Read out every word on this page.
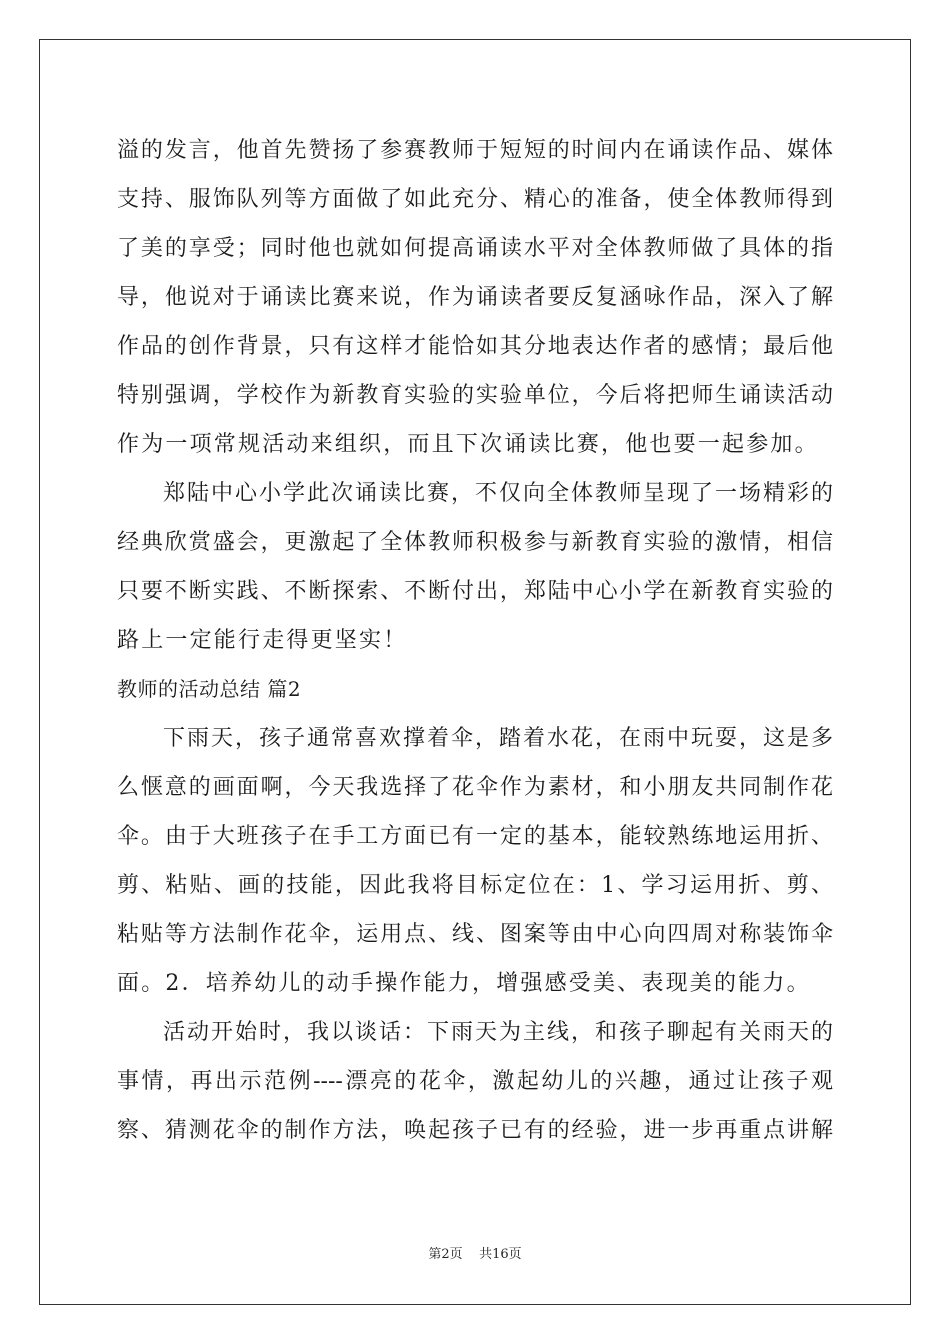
溢的发言，他首先赞扬了参赛教师于短短的时间内在诵读作品、媒体
支持、服饰队列等方面做了如此充分、精心的准备，使全体教师得到
了美的享受；同时他也就如何提高诵读水平对全体教师做了具体的指
导，他说对于诵读比赛来说，作为诵读者要反复涵咏作品，深入了解
作品的创作背景，只有这样才能恰如其分地表达作者的感情；最后他
特别强调，学校作为新教育实验的实验单位，今后将把师生诵读活动
作为一项常规活动来组织，而且下次诵读比赛，他也要一起参加。
郑陆中心小学此次诵读比赛，不仅向全体教师呈现了一场精彩的
经典欣赏盛会，更激起了全体教师积极参与新教育实验的激情，相信
只要不断实践、不断探索、不断付出，郑陆中心小学在新教育实验的
路上一定能行走得更坚实！
教师的活动总结 篇2
下雨天，孩子通常喜欢撑着伞，踏着水花，在雨中玩耍，这是多
么惬意的画面啊，今天我选择了花伞作为素材，和小朋友共同制作花
伞。由于大班孩子在手工方面已有一定的基本，能较熟练地运用折、
剪、粘贴、画的技能，因此我将目标定位在：1、学习运用折、剪、
粘贴等方法制作花伞，运用点、线、图案等由中心向四周对称装饰伞
面。2．培养幼儿的动手操作能力，增强感受美、表现美的能力。
活动开始时，我以谈话：下雨天为主线，和孩子聊起有关雨天的
事情，再出示范例----漂亮的花伞，激起幼儿的兴趣，通过让孩子观
察、猜测花伞的制作方法，唤起孩子已有的经验，进一步再重点讲解
第2页 共16页
